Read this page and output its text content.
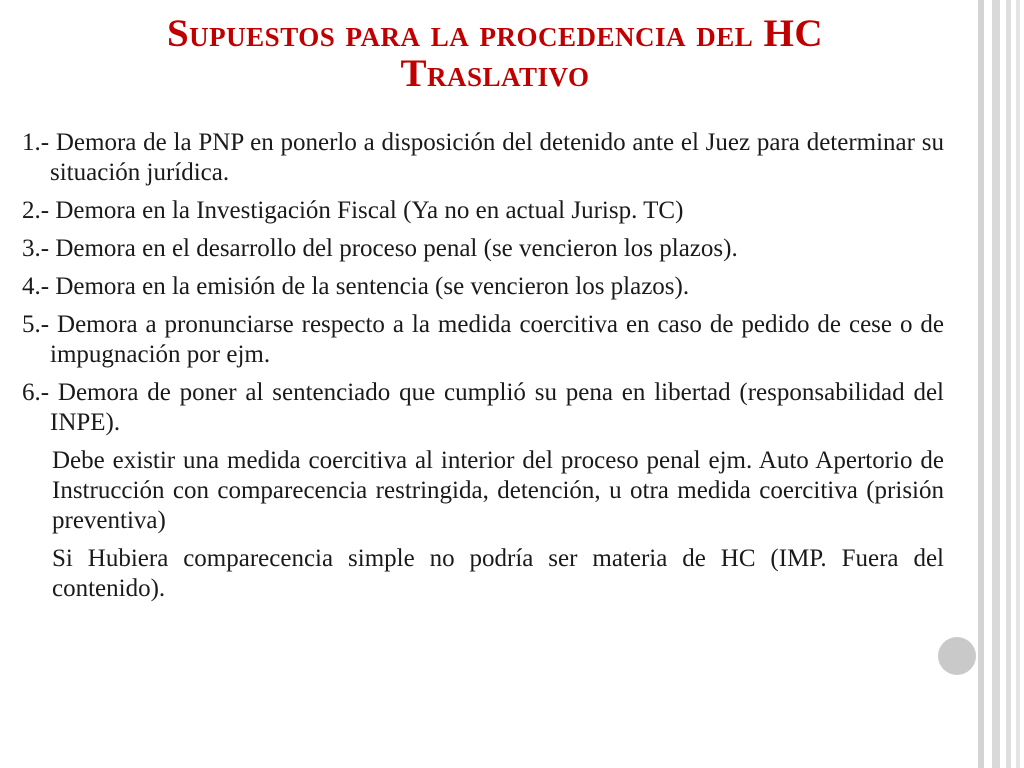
Supuestos para la procedencia del HC
Traslativo
1.- Demora de la PNP en ponerlo a disposición del detenido ante el Juez para determinar su situación jurídica.
2.- Demora en la Investigación Fiscal (Ya no en actual Jurisp. TC)
3.- Demora en el desarrollo del proceso penal (se vencieron los plazos).
4.- Demora en la emisión de la sentencia (se vencieron los plazos).
5.- Demora a pronunciarse respecto a la medida coercitiva en caso de pedido de cese o de impugnación por ejm.
6.- Demora de poner al sentenciado que cumplió su pena en libertad (responsabilidad del INPE).
Debe existir una medida coercitiva al interior del proceso penal ejm. Auto Apertorio de Instrucción con comparecencia restringida, detención, u otra medida coercitiva (prisión preventiva)
Si Hubiera comparecencia simple no podría ser materia de HC (IMP. Fuera del contenido).
